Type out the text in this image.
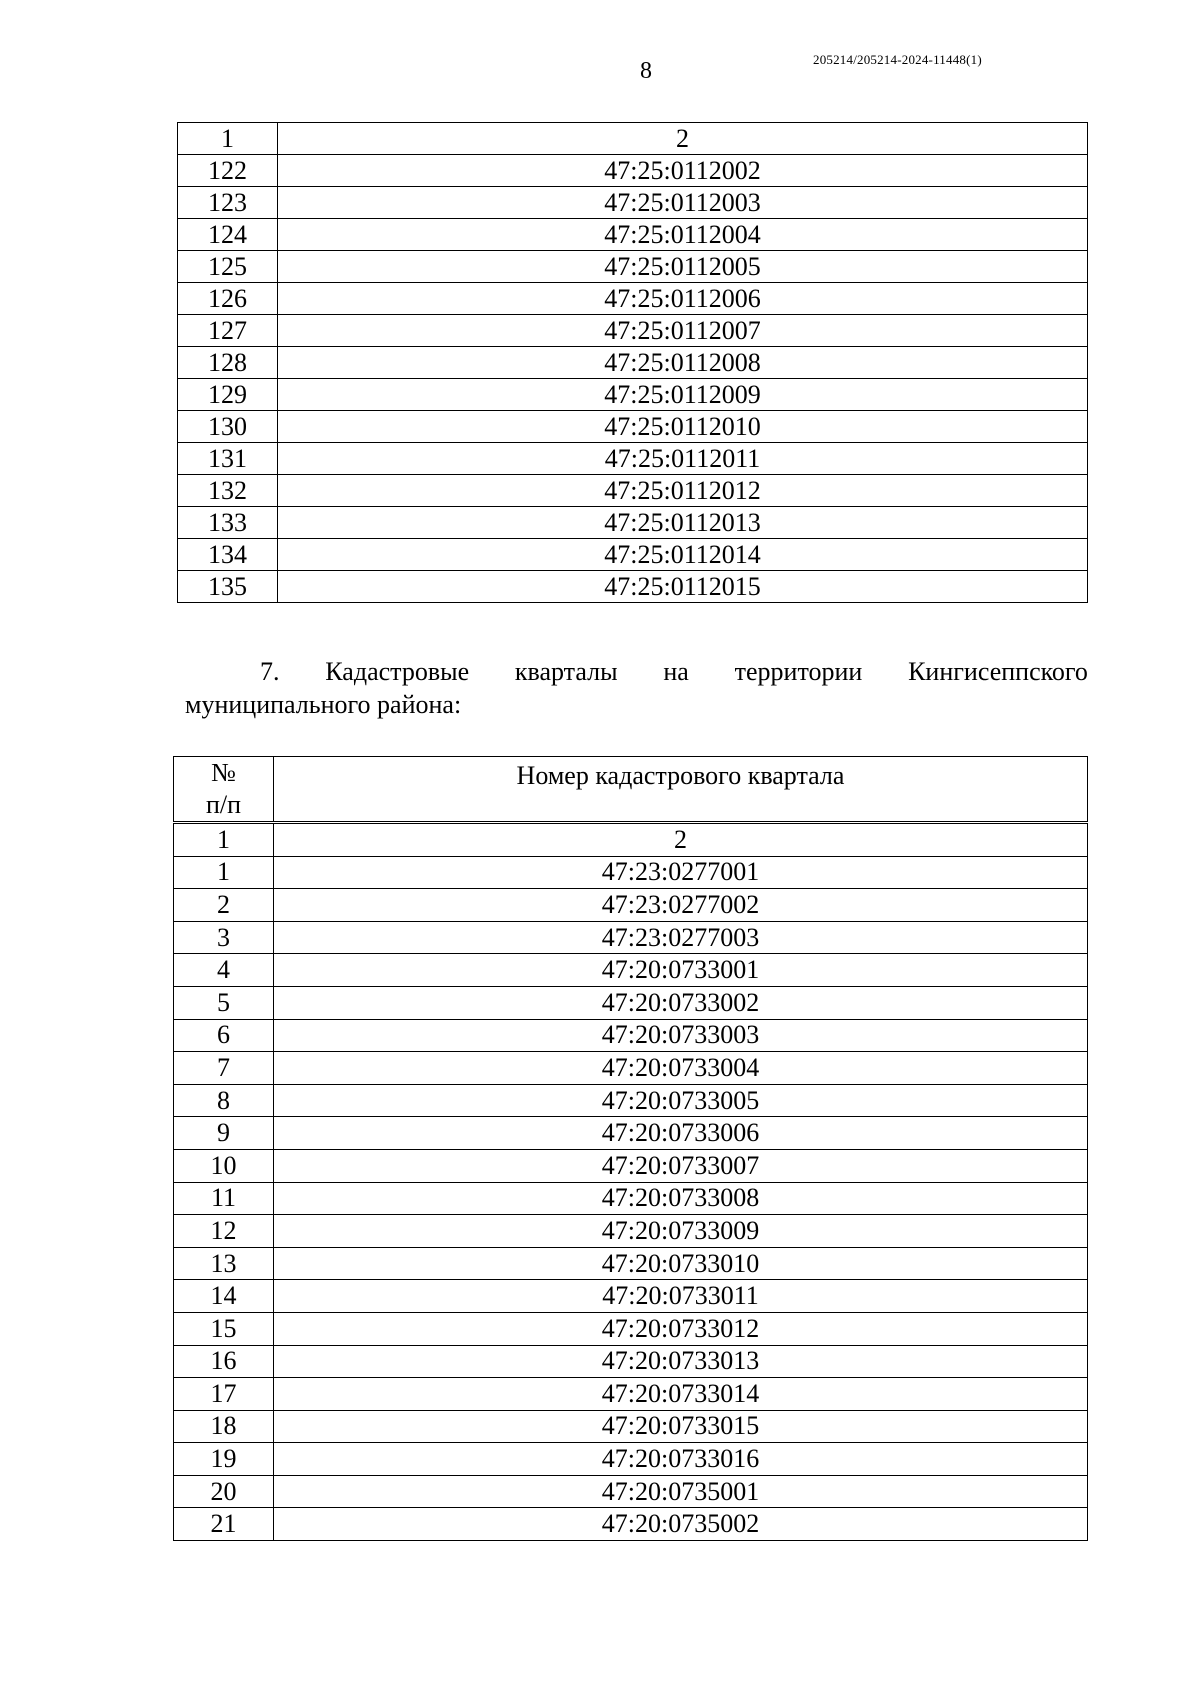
8	205214/205214-2024-11448(1)
1	2
122	47:25:0112002
123	47:25:0112003
124	47:25:0112004
125	47:25:0112005
126	47:25:0112006
127	47:25:0112007
128	47:25:0112008
129	47:25:0112009
130	47:25:0112010
131	47:25:0112011
132	47:25:0112012
133	47:25:0112013
134	47:25:0112014
135	47:25:0112015
7. Кадастровые кварталы на территории Кингисеппского
муниципального района:
№
п/п
	Номер кадастрового квартала
1	2
1	47:23:0277001
2	47:23:0277002
3	47:23:0277003
4	47:20:0733001
5	47:20:0733002
6	47:20:0733003
7	47:20:0733004
8	47:20:0733005
9	47:20:0733006
10	47:20:0733007
11	47:20:0733008
12	47:20:0733009
13	47:20:0733010
14	47:20:0733011
15	47:20:0733012
16	47:20:0733013
17	47:20:0733014
18	47:20:0733015
19	47:20:0733016
20	47:20:0735001
21	47:20:0735002
